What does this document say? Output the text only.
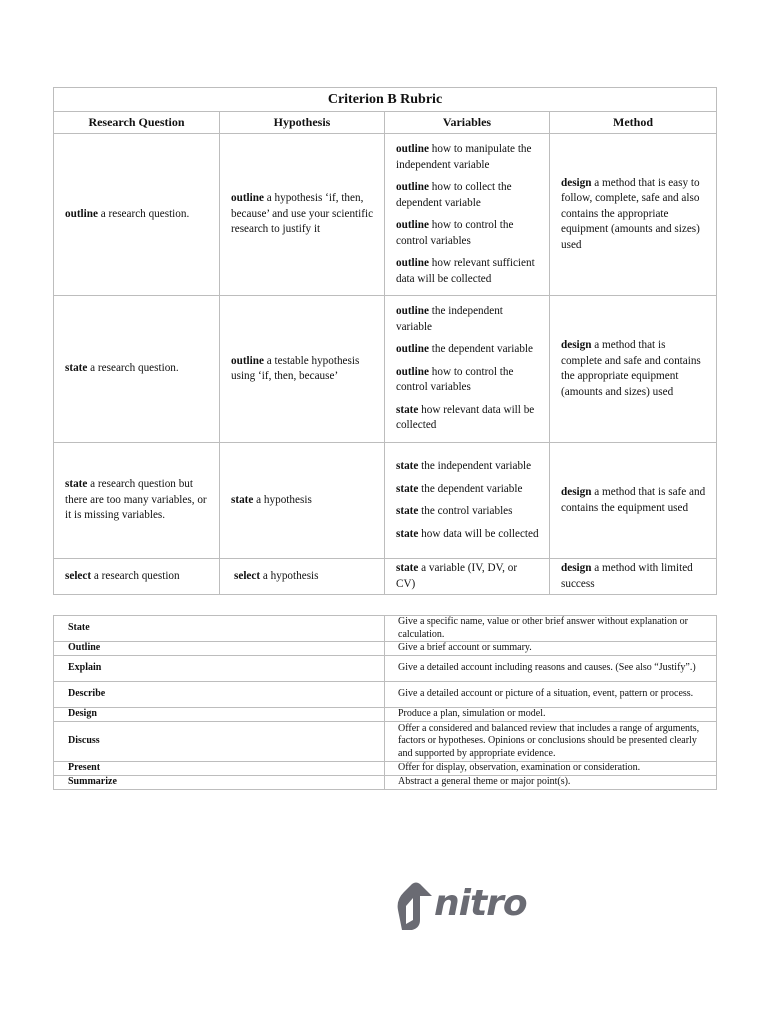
Criterion B Rubric			
Research Question	Hypothesis	Variables	Method
outline a research question.	outline a hypothesis ‘if, then, because’ and use your scientific research to justify it	outline how to manipulate the independent variable

outline how to collect the dependent variable

outline how to control the control variables

outline how relevant sufficient data will be collected	design a method that is easy to follow, complete, safe and also contains the appropriate equipment (amounts and sizes) used
state a research question.	outline a testable hypothesis using ‘if, then, because’	outline the independent variable

outline the dependent variable

outline how to control the control variables

state how relevant data will be collected	design a method that is complete and safe and contains the appropriate equipment (amounts and sizes) used
state a research question but there are too many variables, or it is missing variables.	state a hypothesis	state the independent variable

state the dependent variable

state the control variables

state how data will be collected	design a method that is safe and contains the equipment used
select a research question	select a hypothesis	state a variable (IV, DV, or CV)	design a method with limited success
State	Give a specific name, value or other brief answer without explanation or calculation.
Outline	Give a brief account or summary.
Explain	Give a detailed account including reasons and causes. (See also “Justify”.)
Describe	Give a detailed account or picture of a situation, event, pattern or process.
Design	Produce a plan, simulation or model.
Discuss	Offer a considered and balanced review that includes a range of arguments, factors or hypotheses. Opinions or conclusions should be presented clearly and supported by appropriate evidence.
Present	Offer for display, observation, examination or consideration.
Summarize	Abstract a general theme or major point(s).
nitro
